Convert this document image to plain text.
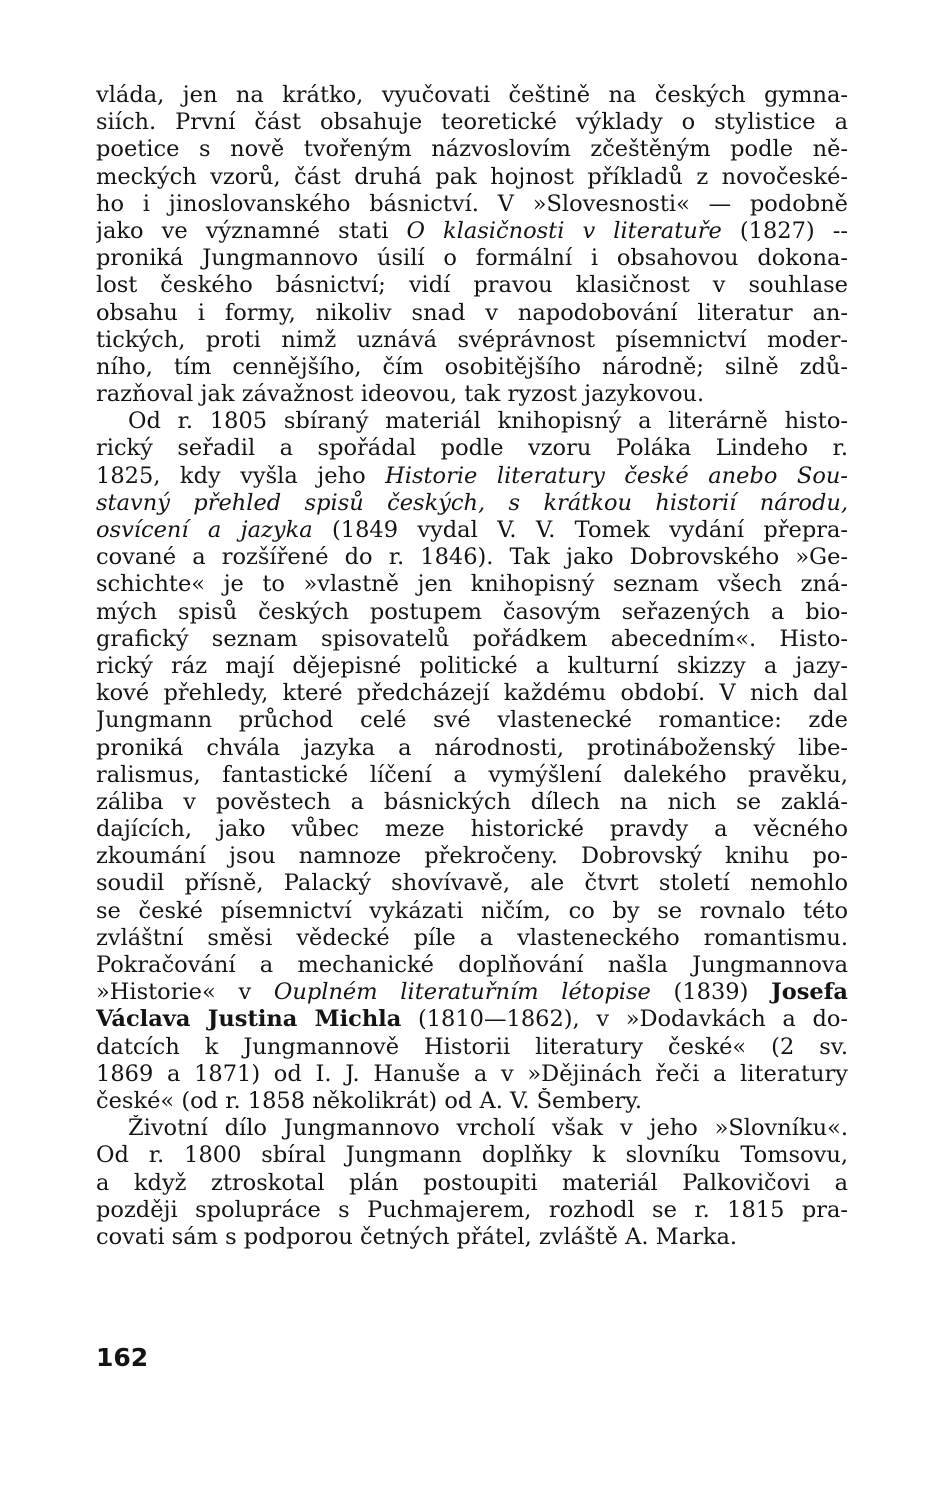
vláda, jen na krátko, vyučovati češtině na českých gymna-
siích. První část obsahuje teoretické výklady o stylistice a
poetice s nově tvořeným názvoslovím zčeštěným podle ně-
meckých vzorů, část druhá pak hojnost příkladů z novočeské-
ho i jinoslovanského básnictví. V »Slovesnosti« — podobně
jako ve významné stati O klasičnosti v literatuře (1827) --
proniká Jungmannovo úsilí o formální i obsahovou dokona-
lost českého básnictví; vidí pravou klasičnost v souhlase
obsahu i formy, nikoliv snad v napodobování literatur an-
tických, proti nimž uznává svéprávnost písemnictví moder-
ního, tím cennějšího, čím osobitějšího národně; silně zdů-
razňoval jak závažnost ideovou, tak ryzost jazykovou.
Od r. 1805 sbíraný materiál knihopisný a literárně histo-
rický seřadil a spořádal podle vzoru Poláka Lindeho r.
1825, kdy vyšla jeho Historie literatury české anebo Sou-
stavný přehled spisů českých, s krátkou historií národu,
osvícení a jazyka (1849 vydal V. V. Tomek vydání přepra-
cované a rozšířené do r. 1846). Tak jako Dobrovského »Ge-
schichte« je to »vlastně jen knihopisný seznam všech zná-
mých spisů českých postupem časovým seřazených a bio-
grafický seznam spisovatelů pořádkem abecedním«. Histo-
rický ráz mají dějepisné politické a kulturní skizzy a jazy-
kové přehledy, které předcházejí každému období. V nich dal
Jungmann průchod celé své vlastenecké romantice: zde
proniká chvála jazyka a národnosti, protináboženský libe-
ralismus, fantastické líčení a vymýšlení dalekého pravěku,
záliba v pověstech a básnických dílech na nich se zaklá-
dajících, jako vůbec meze historické pravdy a věcného
zkoumání jsou namnoze překročeny. Dobrovský knihu po-
soudil přísně, Palacký shovívavě, ale čtvrt století nemohlo
se české písemnictví vykázati ničím, co by se rovnalo této
zvláštní směsi vědecké píle a vlasteneckého romantismu.
Pokračování a mechanické doplňování našla Jungmannova
»Historie« v Ouplném literatuřním létopise (1839) Josefa
Václava Justina Michla (1810—1862), v »Dodavkách a do-
datcích k Jungmannově Historii literatury české« (2 sv.
1869 a 1871) od I. J. Hanuše a v »Dějinách řeči a literatury
české« (od r. 1858 několikrát) od A. V. Šembery.
Životní dílo Jungmannovo vrcholí však v jeho »Slovníku«.
Od r. 1800 sbíral Jungmann doplňky k slovníku Tomsovu,
a když ztroskotal plán postoupiti materiál Palkovičovi a
později spolupráce s Puchmajerem, rozhodl se r. 1815 pra-
covati sám s podporou četných přátel, zvláště A. Marka.
162
